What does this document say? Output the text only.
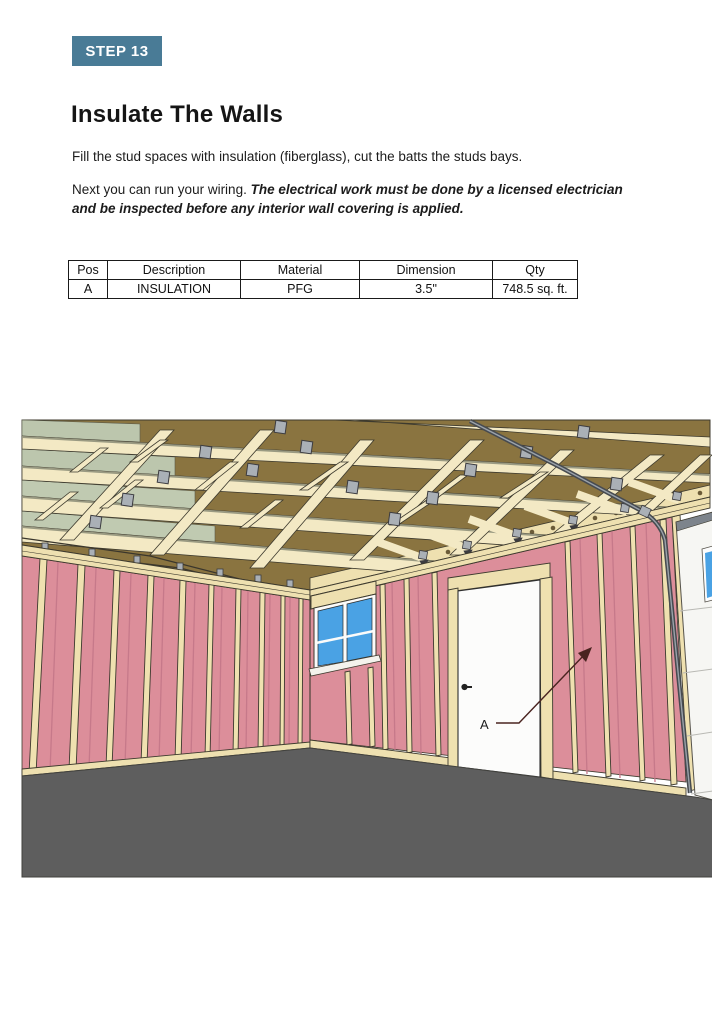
STEP 13
Insulate The Walls
Fill the stud spaces with insulation (fiberglass), cut the batts the studs bays.
Next you can run your wiring. The electrical work must be done by a licensed electrician and be inspected before any interior wall covering is applied.
Pos	Description	Material	Dimension	Qty
A	INSULATION	PFG	3.5"	748.5 sq. ft.
A
